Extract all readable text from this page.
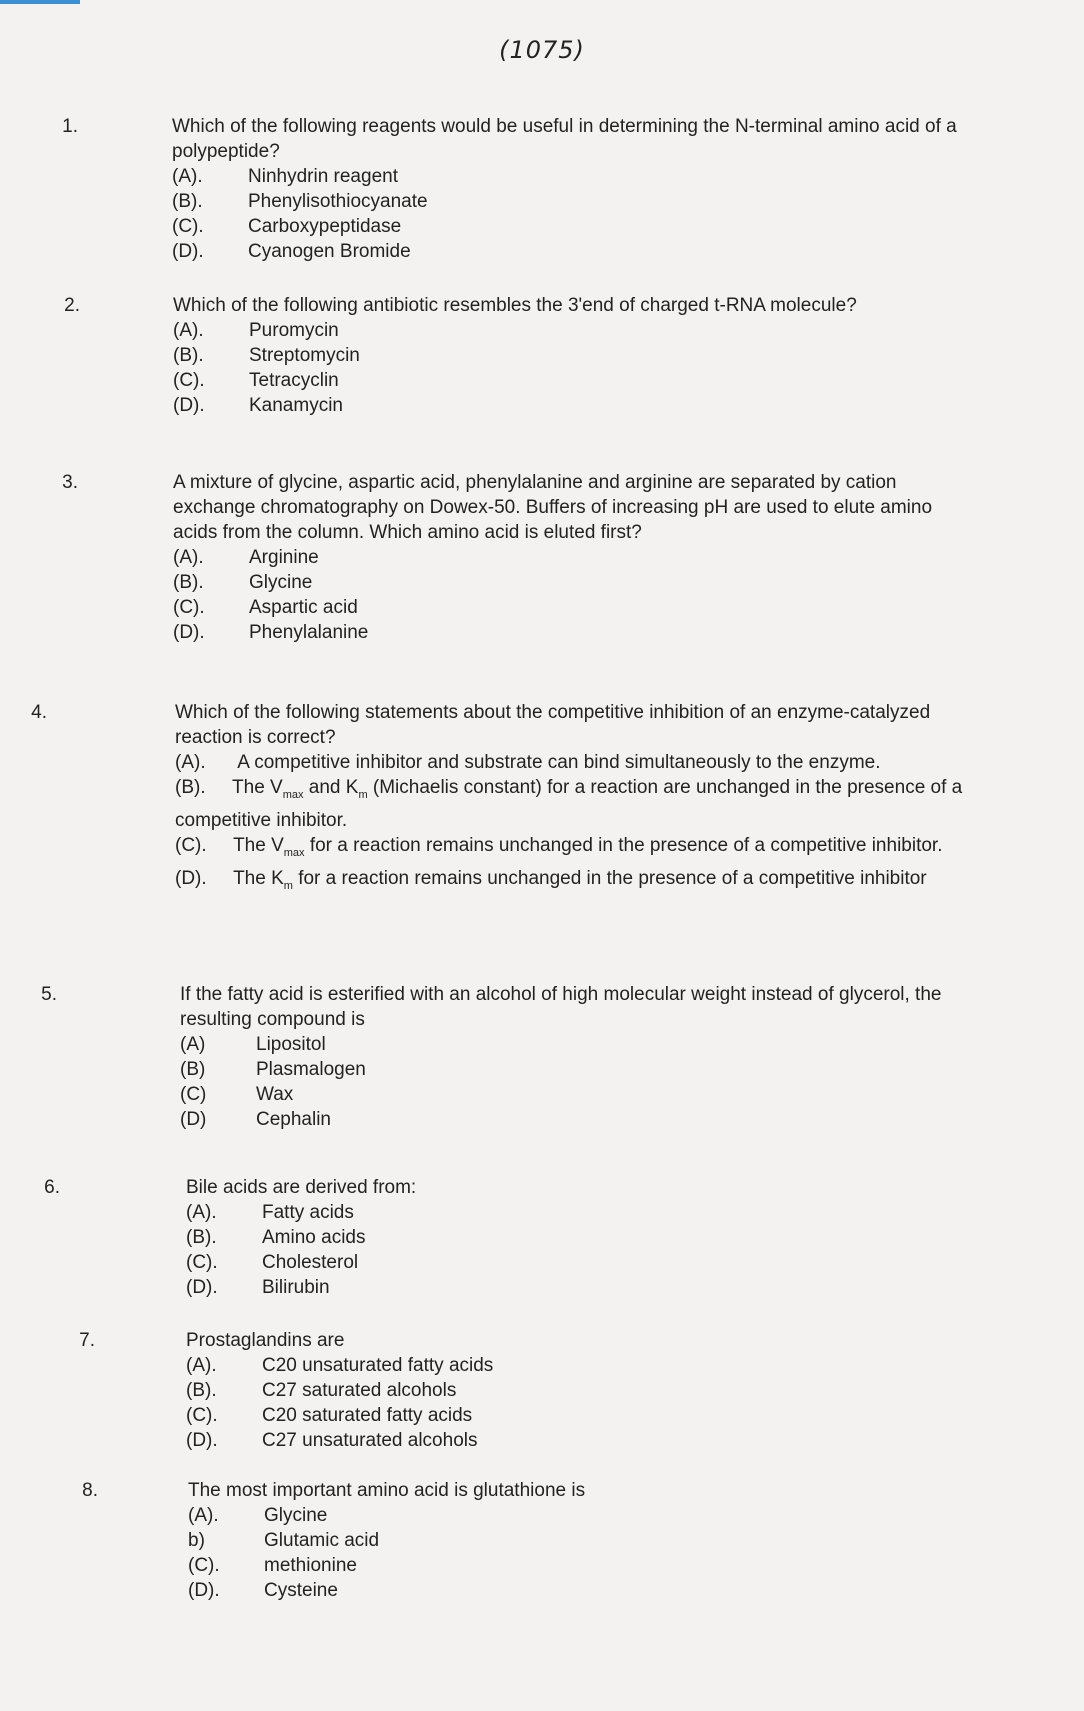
(1075)
1.	Which of the following reagents would be useful in determining the N-terminal amino acid of a polypeptide?
(A).	Ninhydrin reagent
(B).	Phenylisothiocyanate
(C).	Carboxypeptidase
(D).	Cyanogen Bromide
2.	Which of the following antibiotic resembles the 3'end of charged t-RNA molecule?
(A).	Puromycin
(B).	Streptomycin
(C).	Tetracyclin
(D).	Kanamycin
3.	A mixture of glycine, aspartic acid, phenylalanine and arginine are separated by cation exchange chromatography on Dowex-50. Buffers of increasing pH are used to elute amino acids from the column. Which amino acid is eluted first?
(A).	Arginine
(B).	Glycine
(C).	Aspartic acid
(D).	Phenylalanine
4.	Which of the following statements about the competitive inhibition of an enzyme-catalyzed reaction is correct?
(A). A competitive inhibitor and substrate can bind simultaneously to the enzyme.
(B). The $V_{max}$ and $K_m$ (Michaelis constant) for a reaction are unchanged in the presence of a competitive inhibitor.
(C). The $V_{max}$ for a reaction remains unchanged in the presence of a competitive inhibitor.
(D). The $K_m$ for a reaction remains unchanged in the presence of a competitive inhibitor
5.	If the fatty acid is esterified with an alcohol of high molecular weight instead of glycerol, the resulting compound is
(A)	Lipositol
(B)	Plasmalogen
(C)	Wax
(D)	Cephalin
6.	Bile acids are derived from:
(A).	Fatty acids
(B).	Amino acids
(C).	Cholesterol
(D).	Bilirubin
7.	Prostaglandins are
(A).	C20 unsaturated fatty acids
(B).	C27 saturated alcohols
(C).	C20 saturated fatty acids
(D).	C27 unsaturated alcohols
8.	The most important amino acid is glutathione is
(A).	Glycine
b)	Glutamic acid
(C).	methionine
(D).	Cysteine
